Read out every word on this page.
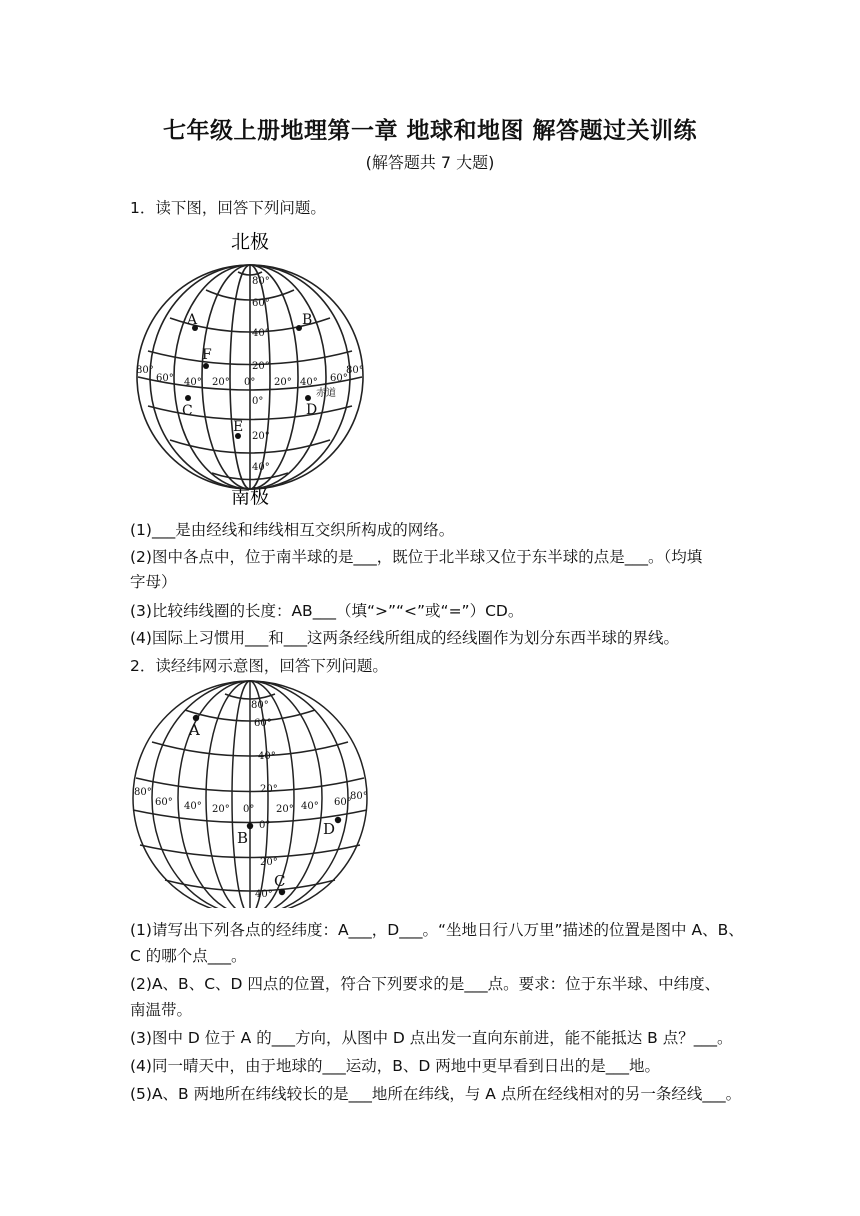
七年级上册地理第一章 地球和地图 解答题过关训练
(解答题共 7 大题)
1．读下图，回答下列问题。
北极
南极
80°
60°
40°
20°
0°
20°
40°
80°
60° 40° 20° 0° 20° 40° 60°
80°
赤道
A	B
F
C	D
E
(1)___是由经线和纬线相互交织所构成的网络。
(2)图中各点中，位于南半球的是___，既位于北半球又位于东半球的点是___。（均填
字母）
(3)比较纬线圈的长度：AB___（填“>”“<”或“=”）CD。
(4)国际上习惯用___和___这两条经线所组成的经线圈作为划分东西半球的界线。
2．读经纬网示意图，回答下列问题。
80°
60°
40°
20°
0°
20°
40°
80°
60° 40° 20° 0° 20° 40° 60°
80°
A
B	D
C
(1)请写出下列各点的经纬度：A___，D___。“坐地日行八万里”描述的位置是图中 A、B、
C 的哪个点___。
(2)A、B、C、D 四点的位置，符合下列要求的是___点。要求：位于东半球、中纬度、
南温带。
(3)图中 D 位于 A 的___方向，从图中 D 点出发一直向东前进，能不能抵达 B 点？___。
(4)同一晴天中，由于地球的___运动，B、D 两地中更早看到日出的是___地。
(5)A、B 两地所在纬线较长的是___地所在纬线，与 A 点所在经线相对的另一条经线___。
